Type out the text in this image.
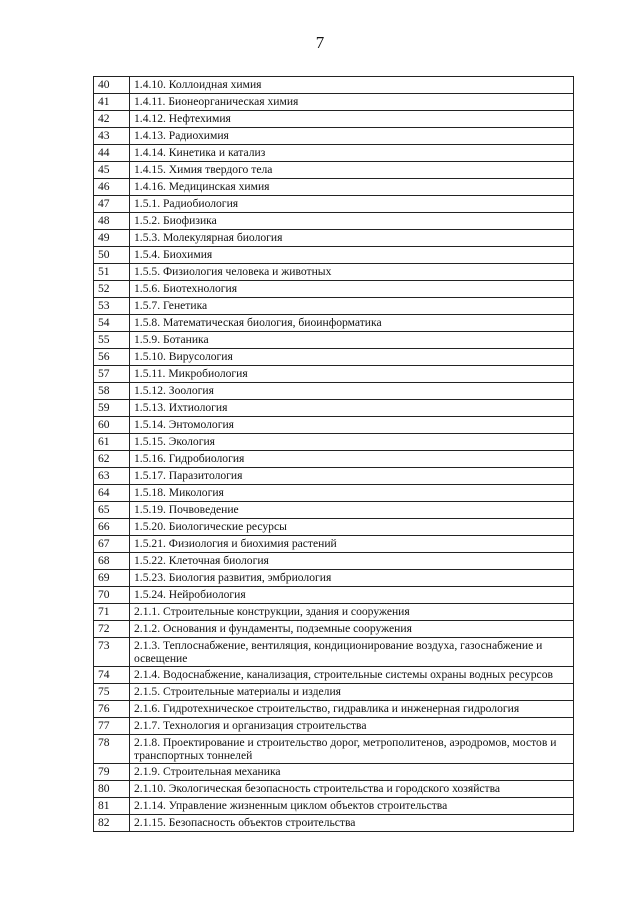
7
40	1.4.10. Коллоидная химия
41	1.4.11. Бионеорганическая химия
42	1.4.12. Нефтехимия
43	1.4.13. Радиохимия
44	1.4.14. Кинетика и катализ
45	1.4.15. Химия твердого тела
46	1.4.16. Медицинская химия
47	1.5.1. Радиобиология
48	1.5.2. Биофизика
49	1.5.3. Молекулярная биология
50	1.5.4. Биохимия
51	1.5.5. Физиология человека и животных
52	1.5.6. Биотехнология
53	1.5.7. Генетика
54	1.5.8. Математическая биология, биоинформатика
55	1.5.9. Ботаника
56	1.5.10. Вирусология
57	1.5.11. Микробиология
58	1.5.12. Зоология
59	1.5.13. Ихтиология
60	1.5.14. Энтомология
61	1.5.15. Экология
62	1.5.16. Гидробиология
63	1.5.17. Паразитология
64	1.5.18. Микология
65	1.5.19. Почвоведение
66	1.5.20. Биологические ресурсы
67	1.5.21. Физиология и биохимия растений
68	1.5.22. Клеточная биология
69	1.5.23. Биология развития, эмбриология
70	1.5.24. Нейробиология
71	2.1.1. Строительные конструкции, здания и сооружения
72	2.1.2. Основания и фундаменты, подземные сооружения
73	2.1.3. Теплоснабжение, вентиляция, кондиционирование воздуха, газоснабжение и освещение
74	2.1.4. Водоснабжение, канализация, строительные системы охраны водных ресурсов
75	2.1.5. Строительные материалы и изделия
76	2.1.6. Гидротехническое строительство, гидравлика и инженерная гидрология
77	2.1.7. Технология и организация строительства
78	2.1.8. Проектирование и строительство дорог, метрополитенов, аэродромов, мостов и транспортных тоннелей
79	2.1.9. Строительная механика
80	2.1.10. Экологическая безопасность строительства и городского хозяйства
81	2.1.14. Управление жизненным циклом объектов строительства
82	2.1.15. Безопасность объектов строительства
